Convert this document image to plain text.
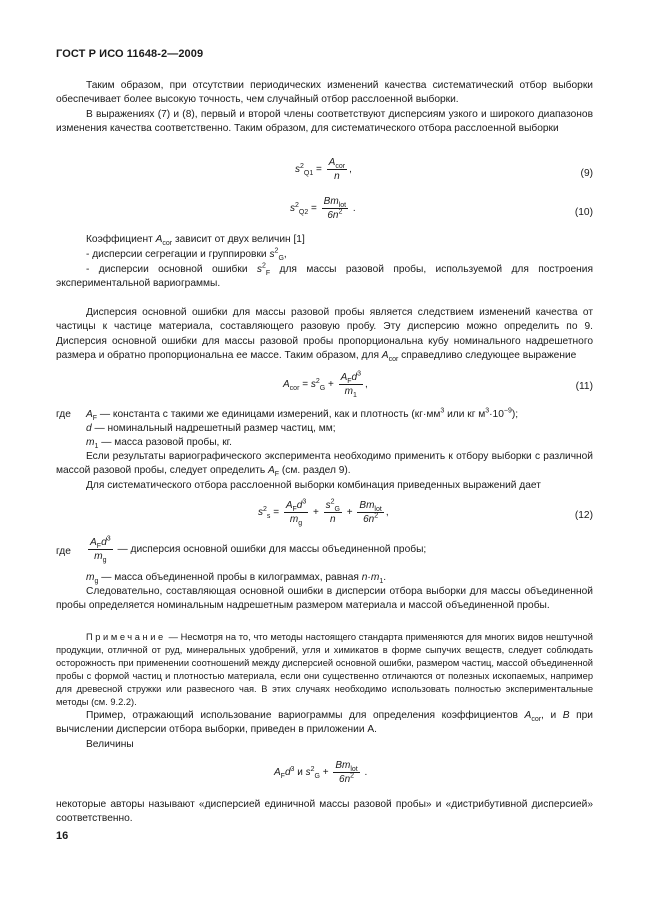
ГОСТ Р ИСО 11648-2—2009
Таким образом, при отсутствии периодических изменений качества систематический отбор выборки обеспечивает более высокую точность, чем случайный отбор расслоенной выборки.
В выражениях (7) и (8), первый и второй члены соответствуют дисперсиям узкого и широкого диапазонов изменения качества соответственно. Таким образом, для систематического отбора расслоенной выборки
$s^2_{Q1} = \frac{A_{cor}}{n}$ ,	(9)
$s^2_{Q2} = \frac{Bm_{lot}}{6n^2}$ .	(10)
Коэффициент $A_{cor}$ зависит от двух величин [1]
- дисперсии сегрегации и группировки $s^2_G$,
- дисперсии основной ошибки $s^2_F$ для массы разовой пробы, используемой для построения экспериментальной вариограммы.
Дисперсия основной ошибки для массы разовой пробы является следствием изменений качества от частицы к частице материала, составляющего разовую пробу. Эту дисперсию можно определить по 9. Дисперсия основной ошибки для массы разовой пробы пропорциональна кубу номинального надрешетного размера и обратно пропорциональна ее массе. Таким образом, для $A_{cor}$ справедливо следующее выражение
$A_{cor} = s^2_G + \frac{A_Fd^3}{m_1}$ ,	(11)
где $A_F$ — константа с такими же единицами измерений, как и плотность ($кг\cdot мм^3$ или кг $м^3\cdot 10^{-9}$);
d — номинальный надрешетный размер частиц, мм;
$m_1$ — масса разовой пробы, кг.
Если результаты вариографического эксперимента необходимо применить к отбору выборки с различной массой разовой пробы, следует определить $A_F$ (см. раздел 9).
Для систематического отбора расслоенной выборки комбинация приведенных выражений дает
$s^2_s = \frac{A_Fd^3}{m_g} + \frac{s^2_G}{n} + \frac{Bm_{lot}}{6n^2}$ ,	(12)
где $\frac{A_Fd^3}{m_g}$ — дисперсия основной ошибки для массы объединенной пробы;
$m_g$ — масса объединенной пробы в килограммах, равная $n\cdot m_1$.
Следовательно, составляющая основной ошибки в дисперсии отбора выборки для массы объединенной пробы определяется номинальным надрешетным размером материала и массой объединенной пробы.
Примечание — Несмотря на то, что методы настоящего стандарта применяются для многих видов нештучной продукции, отличной от руд, минеральных удобрений, угля и химикатов в форме сыпучих веществ, следует соблюдать осторожность при применении соотношений между дисперсией основной ошибки, размером частиц, массой объединенной пробы с формой частиц и плотностью материала, если они существенно отличаются от полезных ископаемых, например для древесной стружки или развесного чая. В этих случаях необходимо использовать полностью экспериментальные методы (см. 9.2.2).
Пример, отражающий использование вариограммы для определения коэффициентов $A_{cor}$, и B при вычислении дисперсии отбора выборки, приведен в приложении А.
Величины
$A_Fd^3$ и $s^2_G + \frac{Bm_{lot}}{6n^2}$ .
некоторые авторы называют «дисперсией единичной массы разовой пробы» и «дистрибутивной дисперсией» соответственно.
16
